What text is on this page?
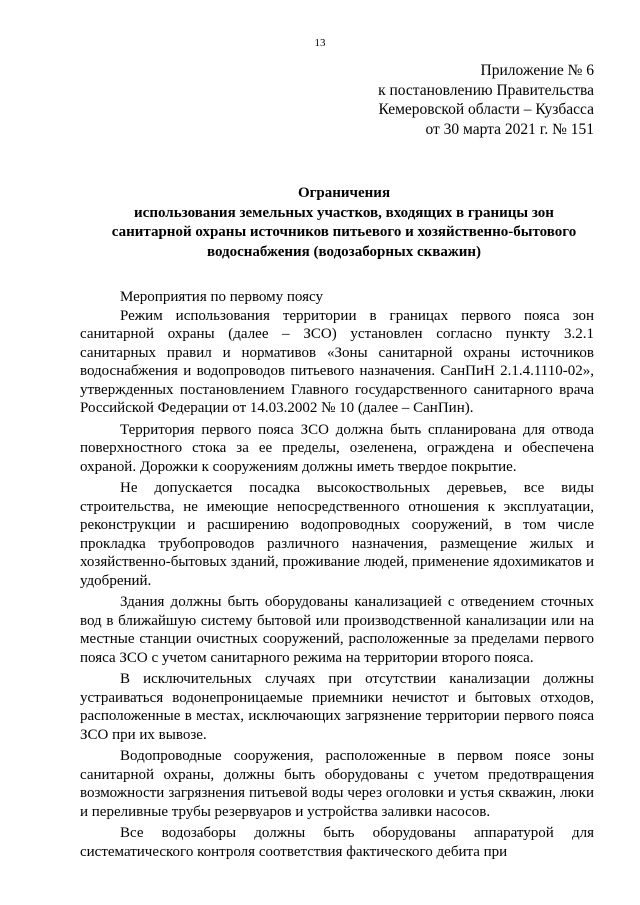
13
Приложение № 6
к постановлению Правительства
Кемеровской области – Кузбасса
от 30 марта 2021 г. № 151
Ограничения
использования земельных участков, входящих в границы зон
санитарной охраны источников питьевого и хозяйственно-бытового
водоснабжения (водозаборных скважин)

Мероприятия по первому поясу

Режим использования территории в границах первого пояса зон санитарной охраны (далее – ЗСО) установлен согласно пункту 3.2.1 санитарных правил и нормативов «Зоны санитарной охраны источников водоснабжения и водопроводов питьевого назначения. СанПиН 2.1.4.1110-02», утвержденных постановлением Главного государственного санитарного врача Российской Федерации от 14.03.2002 № 10 (далее – СанПин).

Территория первого пояса ЗСО должна быть спланирована для отвода поверхностного стока за ее пределы, озеленена, ограждена и обеспечена охраной. Дорожки к сооружениям должны иметь твердое покрытие.

Не допускается посадка высокоствольных деревьев, все виды строительства, не имеющие непосредственного отношения к эксплуатации, реконструкции и расширению водопроводных сооружений, в том числе прокладка трубопроводов различного назначения, размещение жилых и хозяйственно-бытовых зданий, проживание людей, применение ядохимикатов и удобрений.

Здания должны быть оборудованы канализацией с отведением сточных вод в ближайшую систему бытовой или производственной канализации или на местные станции очистных сооружений, расположенные за пределами первого пояса ЗСО с учетом санитарного режима на территории второго пояса.

В исключительных случаях при отсутствии канализации должны устраиваться водонепроницаемые приемники нечистот и бытовых отходов, расположенные в местах, исключающих загрязнение территории первого пояса ЗСО при их вывозе.

Водопроводные сооружения, расположенные в первом поясе зоны санитарной охраны, должны быть оборудованы с учетом предотвращения возможности загрязнения питьевой воды через оголовки и устья скважин, люки и переливные трубы резервуаров и устройства заливки насосов.

Все водозаборы должны быть оборудованы аппаратурой для систематического контроля соответствия фактического дебита при
